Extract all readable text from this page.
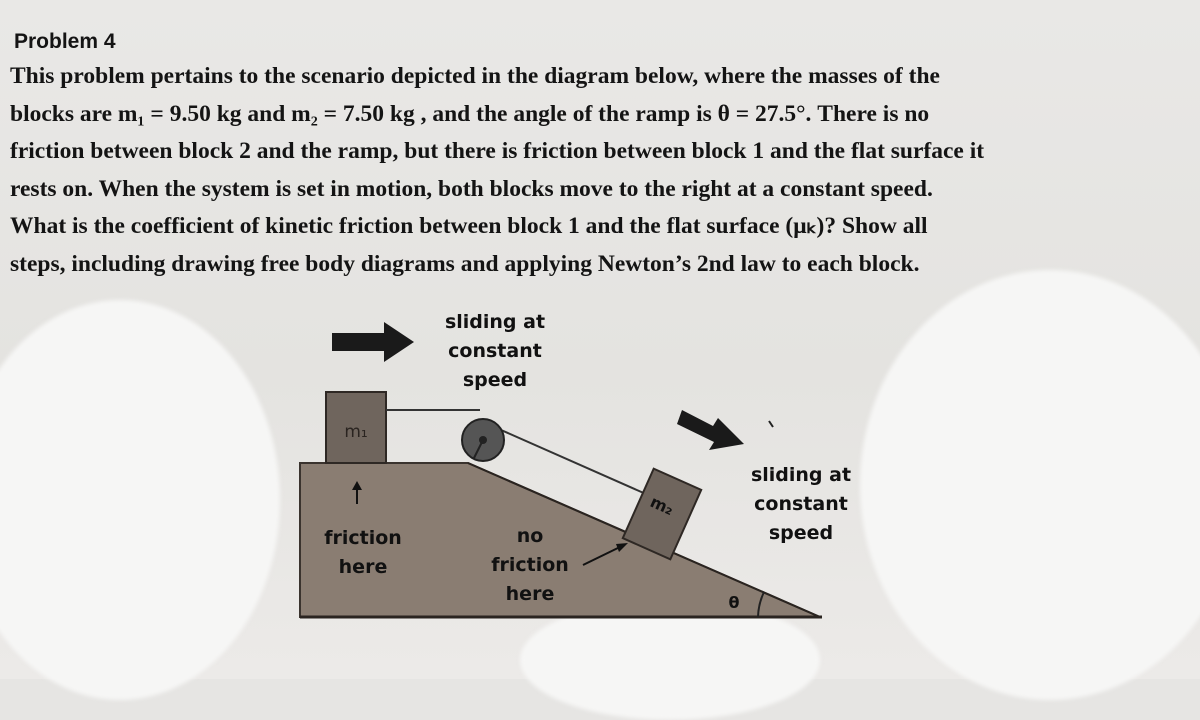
Problem 4
This problem pertains to the scenario depicted in the diagram below, where the masses of the
blocks are m₁ = 9.50 kg and m₂ = 7.50 kg , and the angle of the ramp is θ = 27.5°. There is no
friction between block 2 and the ramp, but there is friction between block 1 and the flat surface it
rests on. When the system is set in motion, both blocks move to the right at a constant speed.
What is the coefficient of kinetic friction between block 1 and the flat surface (μₖ)? Show all
steps, including drawing free body diagrams and applying Newton’s 2nd law to each block.
sliding at
constant
speed
sliding at
constant
speed
m₁
m₂
friction
here
no
friction
here	θ
